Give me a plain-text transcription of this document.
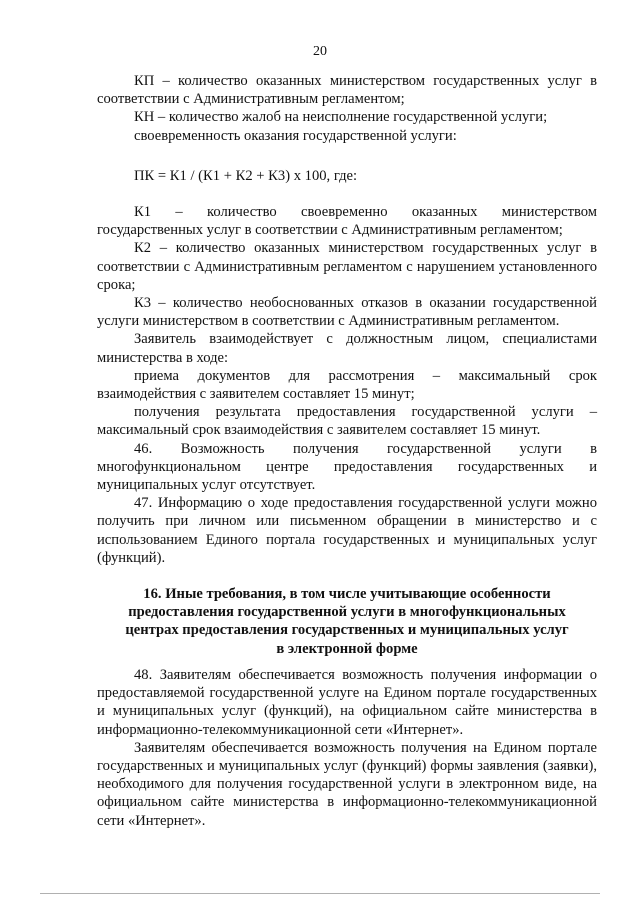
20

КП – количество оказанных министерством государственных услуг в соответствии с Административным регламентом;

КН – количество жалоб на неисполнение государственной услуги;

своевременность оказания государственной услуги:

ПК = К1 / (К1 + К2 + К3) х 100, где:

К1 – количество своевременно оказанных министерством государственных услуг в соответствии с Административным регламентом;

К2 – количество оказанных министерством государственных услуг в соответствии с Административным регламентом с нарушением установленного срока;

К3 – количество необоснованных отказов в оказании государственной услуги министерством в соответствии с Административным регламентом.

Заявитель взаимодействует с должностным лицом, специалистами министерства в ходе:

приема документов для рассмотрения – максимальный срок взаимодействия с заявителем составляет 15 минут;

получения результата предоставления государственной услуги – максимальный срок взаимодействия с заявителем составляет 15 минут.

46. Возможность получения государственной услуги в многофункциональном центре предоставления государственных и муниципальных услуг отсутствует.

47. Информацию о ходе предоставления государственной услуги можно получить при личном или письменном обращении в министерство и с использованием Единого портала государственных и муниципальных услуг (функций).

16. Иные требования, в том числе учитывающие особенности
предоставления государственной услуги в многофункциональных
центрах предоставления государственных и муниципальных услуг
в электронной форме

48. Заявителям обеспечивается возможность получения информации о предоставляемой государственной услуге на Едином портале государственных и муниципальных услуг (функций), на официальном сайте министерства в информационно-телекоммуникационной сети «Интернет».

Заявителям обеспечивается возможность получения на Едином портале государственных и муниципальных услуг (функций) формы заявления (заявки), необходимого для получения государственной услуги в электронном виде, на официальном сайте министерства в информационно-телекоммуникационной сети «Интернет».
